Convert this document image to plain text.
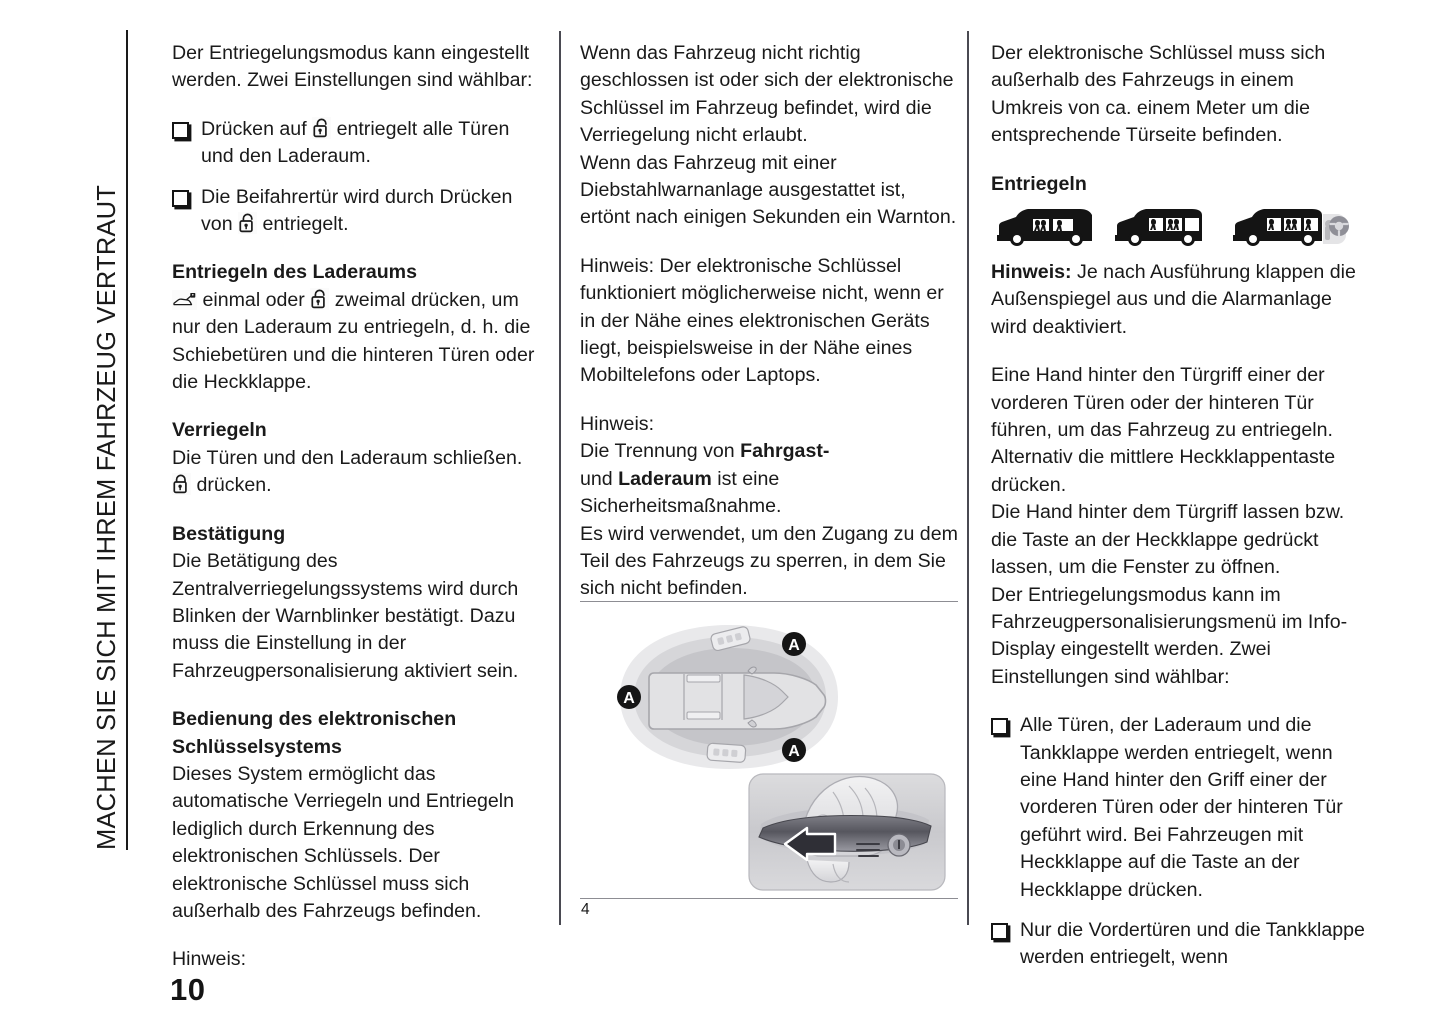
MACHEN SIE SICH MIT IHREM FAHRZEUG VERTRAUT

Der Entriegelungsmodus kann eingestellt werden. Zwei Einstellungen sind wählbar:

Drücken auf entriegelt alle Türen und den Laderaum.

Die Beifahrertür wird durch Drücken von entriegelt.

Entriegeln des Laderaums

einmal oder zweimal drücken, um nur den Laderaum zu entriegeln, d. h. die Schiebetüren und die hinteren Türen oder die Heckklappe.

Verriegeln

Die Türen und den Laderaum schließen.

drücken.

Bestätigung

Die Betätigung des Zentralverriegelungssystems wird durch Blinken der Warnblinker bestätigt. Dazu muss die Einstellung in der Fahrzeugpersonalisierung aktiviert sein.

Bedienung des elektronischen Schlüsselsystems

Dieses System ermöglicht das automatische Verriegeln und Entriegeln lediglich durch Erkennung des elektronischen Schlüssels. Der elektronische Schlüssel muss sich außerhalb des Fahrzeugs befinden.

Hinweis:

Wenn das Fahrzeug nicht richtig geschlossen ist oder sich der elektronische Schlüssel im Fahrzeug befindet, wird die Verriegelung nicht erlaubt.

Wenn das Fahrzeug mit einer Diebstahlwarnanlage ausgestattet ist, ertönt nach einigen Sekunden ein Warnton.

Hinweis: Der elektronische Schlüssel funktioniert möglicherweise nicht, wenn er in der Nähe eines elektronischen Geräts liegt, beispielsweise in der Nähe eines Mobiltelefons oder Laptops.

Hinweis:

Die Trennung von Fahrgast-

und Laderaum ist eine Sicherheitsmaßnahme.

Es wird verwendet, um den Zugang zu dem Teil des Fahrzeugs zu sperren, in dem Sie sich nicht befinden.

A
A
A
4

Der elektronische Schlüssel muss sich außerhalb des Fahrzeugs in einem Umkreis von ca. einem Meter um die entsprechende Türseite befinden.

Entriegeln

Hinweis: Je nach Ausführung klappen die Außenspiegel aus und die Alarmanlage wird deaktiviert.

Eine Hand hinter den Türgriff einer der vorderen Türen oder der hinteren Tür führen, um das Fahrzeug zu entriegeln. Alternativ die mittlere Heckklappentaste drücken.

Die Hand hinter dem Türgriff lassen bzw. die Taste an der Heckklappe gedrückt lassen, um die Fenster zu öffnen.

Der Entriegelungsmodus kann im Fahrzeugpersonalisierungsmenü im Info-Display eingestellt werden. Zwei Einstellungen sind wählbar:

Alle Türen, der Laderaum und die Tankklappe werden entriegelt, wenn eine Hand hinter den Griff einer der vorderen Türen oder der hinteren Tür geführt wird. Bei Fahrzeugen mit Heckklappe auf die Taste an der Heckklappe drücken.

Nur die Vordertüren und die Tankklappe werden entriegelt, wenn

10
